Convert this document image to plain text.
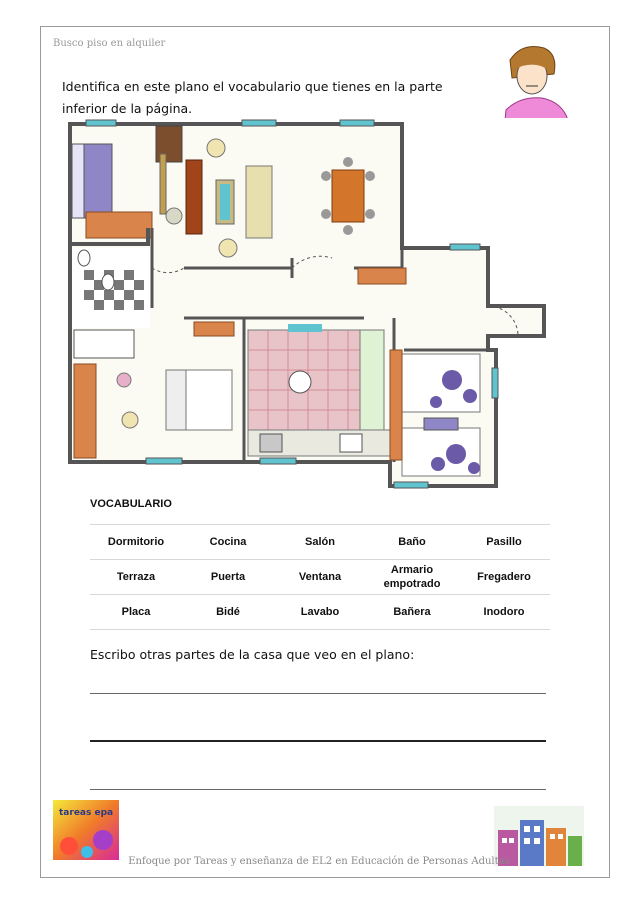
Busco piso en alquiler
Identifica en este plano el vocabulario que tienes en la parte
inferior de la página.
VOCABULARIO
Dormitorio	Cocina	Salón	Baño	Pasillo
Terraza	Puerta	Ventana	Armario empotrado	Fregadero
Placa	Bidé	Lavabo	Bañera	Inodoro
Escribo otras partes de la casa que veo en el plano:
tareas epa
Enfoque por Tareas y enseñanza de EL2 en Educación de Personas Adultas
